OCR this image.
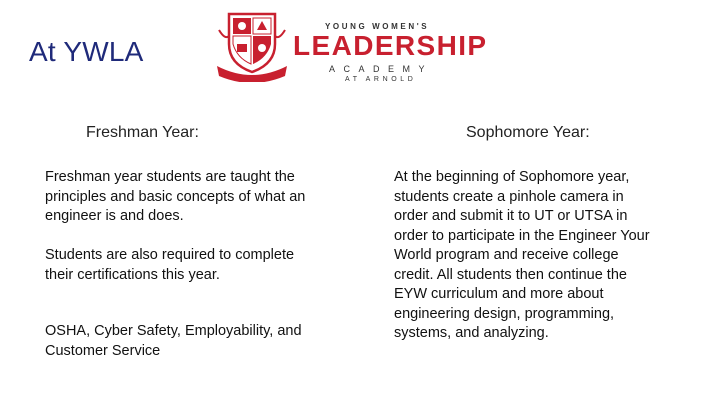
At YWLA
YOUNG WOMEN'S
LEADERSHIP
ACADEMY
AT ARNOLD
Freshman Year:	Sophomore Year:
Freshman year students are taught the principles and basic concepts of what an engineer is and does.
Students are also required to complete their certifications this year.
OSHA, Cyber Safety, Employability, and Customer Service
At the beginning of Sophomore year, students create a pinhole camera in order and submit it to UT or UTSA in order to participate in the Engineer Your World program and receive college credit. All students then continue the EYW curriculum and more about engineering design, programming, systems, and analyzing.
